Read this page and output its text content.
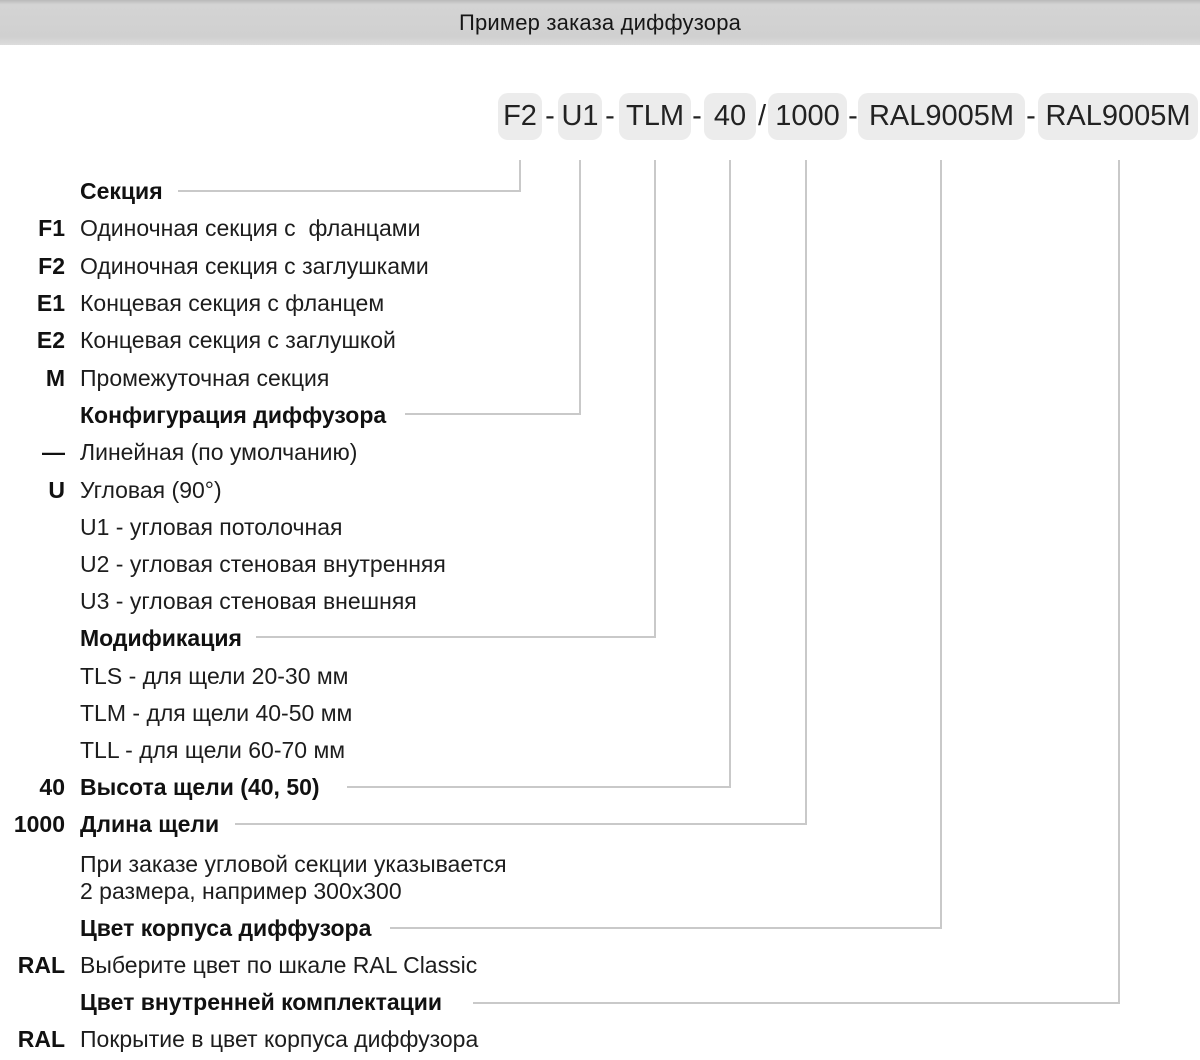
Пример заказа диффузора
F2 U1 TLM	40	1000	RAL9005M	RAL9005M
- -	- /	-	-
Секция
F1 Одиночная секция с  фланцами
F2 Одиночная секция с заглушками
E1 Концевая секция с фланцем
E2 Концевая секция с заглушкой
M Промежуточная секция
Конфигурация диффузора
— Линейная (по умолчанию)
U Угловая (90°)
U1 - угловая потолочная
U2 - угловая стеновая внутренняя
U3 - угловая стеновая внешняя
Модификация
TLS - для щели 20-30 мм
TLM - для щели 40-50 мм
TLL - для щели 60-70 мм
40 Высота щели (40, 50)
1000 Длина щели
При заказе угловой секции указывается
2 размера, например 300x300
Цвет корпуса диффузора
RAL Выберите цвет по шкале RAL Classic
Цвет внутренней комплектации
RAL Покрытие в цвет корпуса диффузора
